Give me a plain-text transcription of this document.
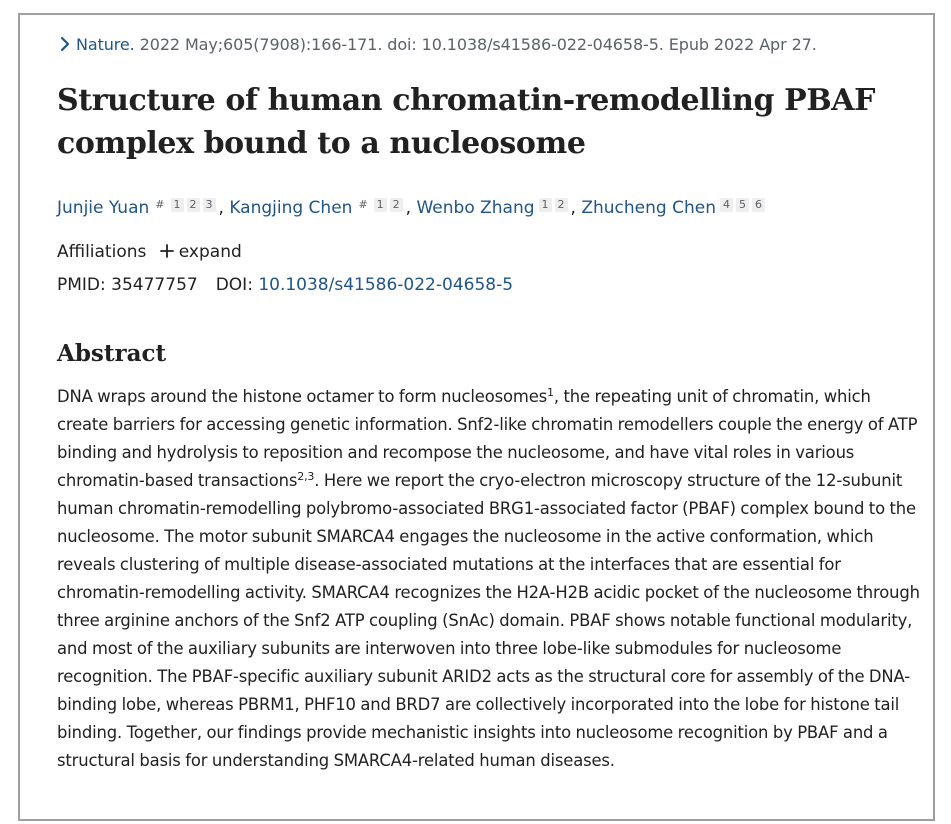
Nature. 2022 May;605(7908):166-171. doi: 10.1038/s41586-022-04658-5. Epub 2022 Apr 27.
Structure of human chromatin-remodelling PBAF complex bound to a nucleosome
Junjie Yuan # 1 2 3 , Kangjing Chen # 1 2 , Wenbo Zhang 1 2 , Zhucheng Chen 4 5 6
Affiliations expand
PMID: 35477757 DOI: 10.1038/s41586-022-04658-5
Abstract
DNA wraps around the histone octamer to form nucleosomes$^1$, the repeating unit of chromatin, which create barriers for accessing genetic information. Snf2-like chromatin remodellers couple the energy of ATP binding and hydrolysis to reposition and recompose the nucleosome, and have vital roles in various chromatin-based transactions$^{2,3}$. Here we report the cryo-electron microscopy structure of the 12-subunit human chromatin-remodelling polybromo-associated BRG1-associated factor (PBAF) complex bound to the nucleosome. The motor subunit SMARCA4 engages the nucleosome in the active conformation, which reveals clustering of multiple disease-associated mutations at the interfaces that are essential for chromatin-remodelling activity. SMARCA4 recognizes the H2A-H2B acidic pocket of the nucleosome through three arginine anchors of the Snf2 ATP coupling (SnAc) domain. PBAF shows notable functional modularity, and most of the auxiliary subunits are interwoven into three lobe-like submodules for nucleosome recognition. The PBAF-specific auxiliary subunit ARID2 acts as the structural core for assembly of the DNA-binding lobe, whereas PBRM1, PHF10 and BRD7 are collectively incorporated into the lobe for histone tail binding. Together, our findings provide mechanistic insights into nucleosome recognition by PBAF and a structural basis for understanding SMARCA4-related human diseases.
